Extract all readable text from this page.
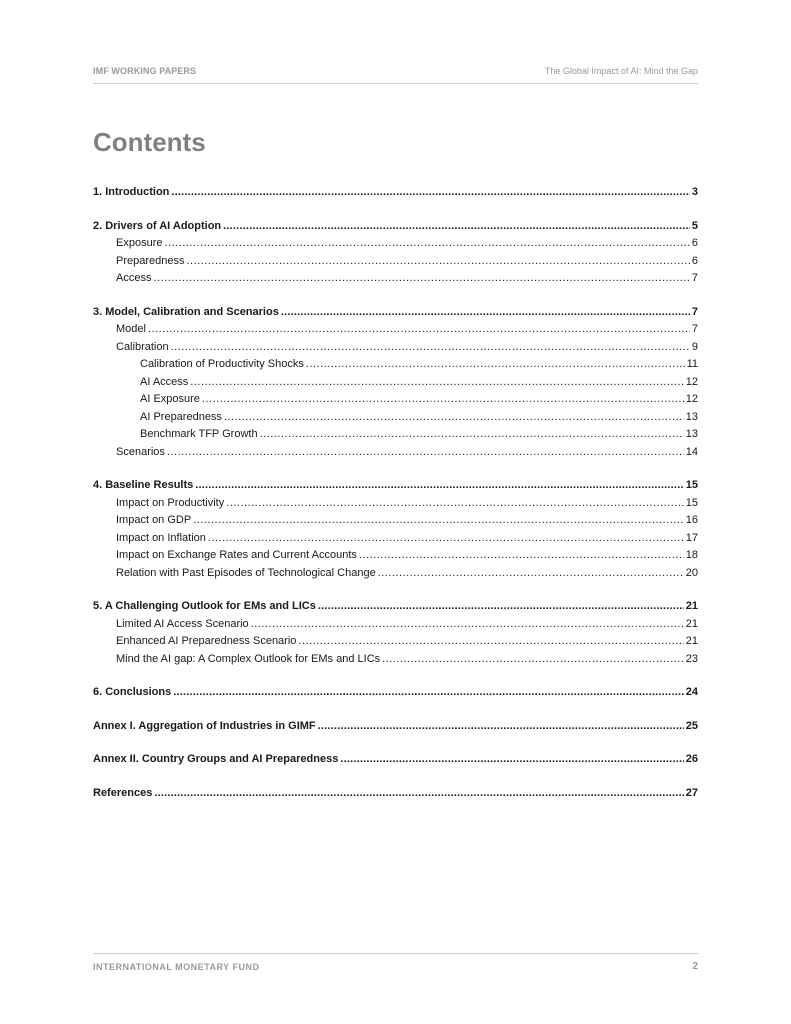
IMF WORKING PAPERS	The Global Impact of AI: Mind the Gap
Contents
1. Introduction .....	3
2. Drivers of AI Adoption .....	5
Exposure .....	6
Preparedness .....	6
Access .....	7
3. Model, Calibration and Scenarios .....	7
Model .....	7
Calibration .....	9
Calibration of Productivity Shocks .....	11
AI Access .....	12
AI Exposure .....	12
AI Preparedness .....	13
Benchmark TFP Growth .....	13
Scenarios .....	14
4. Baseline Results .....	15
Impact on Productivity .....	15
Impact on GDP .....	16
Impact on Inflation .....	17
Impact on Exchange Rates and Current Accounts .....	18
Relation with Past Episodes of Technological Change .....	20
5. A Challenging Outlook for EMs and LICs .....	21
Limited AI Access Scenario .....	21
Enhanced AI Preparedness Scenario .....	21
Mind the AI gap: A Complex Outlook for EMs and LICs .....	23
6. Conclusions .....	24
Annex I. Aggregation of Industries in GIMF .....	25
Annex II. Country Groups and AI Preparedness .....	26
References .....	27
INTERNATIONAL MONETARY FUND	2
